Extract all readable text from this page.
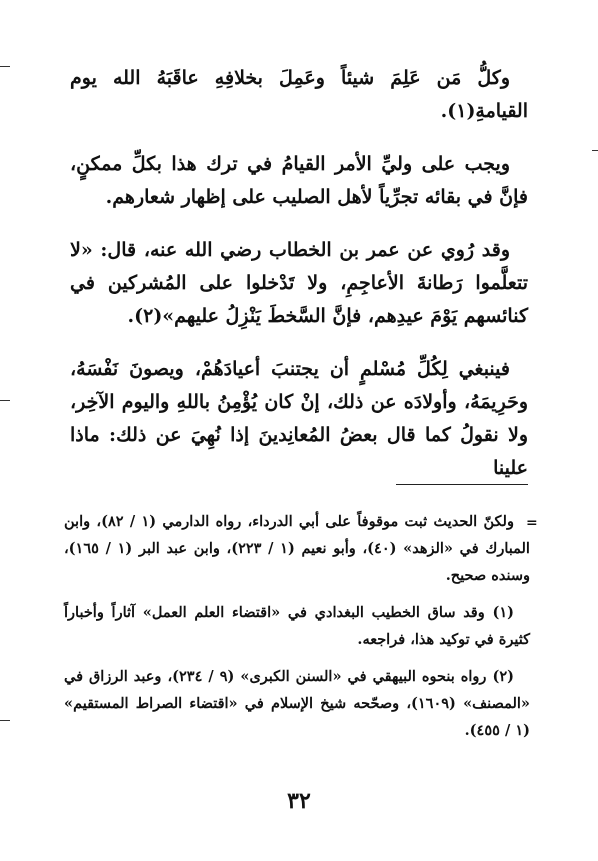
وكلُّ مَن عَلِمَ شيئاً وعَمِلَ بخلافِهِ عاقَبَهُ الله يوم القيامةِ(١).

ويجب على وليِّ الأمر القيامُ في ترك هذا بكلِّ ممكنٍ، فإنَّ في بقائه تجرِّياً لأهل الصليب على إظهار شعارهم.

وقد رُوي عن عمر بن الخطاب رضي الله عنه، قال: «لا تتعلَّموا رَطانةَ الأعاجِمِ، ولا تَدْخلوا على المُشركين في كنائسهم يَوْمَ عيدِهم، فإنَّ السَّخطَ يَنْزِلُ عليهم»(٢).

فينبغي لِكُلِّ مُسْلمٍ أن يجتنبَ أعيادَهُمْ، ويصونَ نَفْسَهُ، وحَرِيمَهُ، وأولادَه عن ذلك، إنْ كان يُؤْمِنُ باللهِ واليوم الآخِر، ولا نقولُ كما قال بعضُ المُعانِدينَ إذا نُهِيَ عن ذلك: ماذا علينا

=

ولكنّ الحديث ثبت موقوفاً على أبي الدرداء، رواه الدارمي (١ / ٨٢)، وابن المبارك في «الزهد» (٤٠)، وأبو نعيم (١ / ٢٢٣)، وابن عبد البر (١ / ١٦٥)، وسنده صحيح.

(١) وقد ساق الخطيب البغدادي في «اقتضاء العلم العمل» آثاراً وأخباراً كثيرة في توكيد هذا، فراجعه.

(٢) رواه بنحوه البيهقي في «السنن الكبرى» (٩ / ٢٣٤)، وعبد الرزاق في «المصنف» (١٦٠٩)، وصحّحه شيخ الإسلام في «اقتضاء الصراط المستقيم» (١ / ٤٥٥).

٣٢
